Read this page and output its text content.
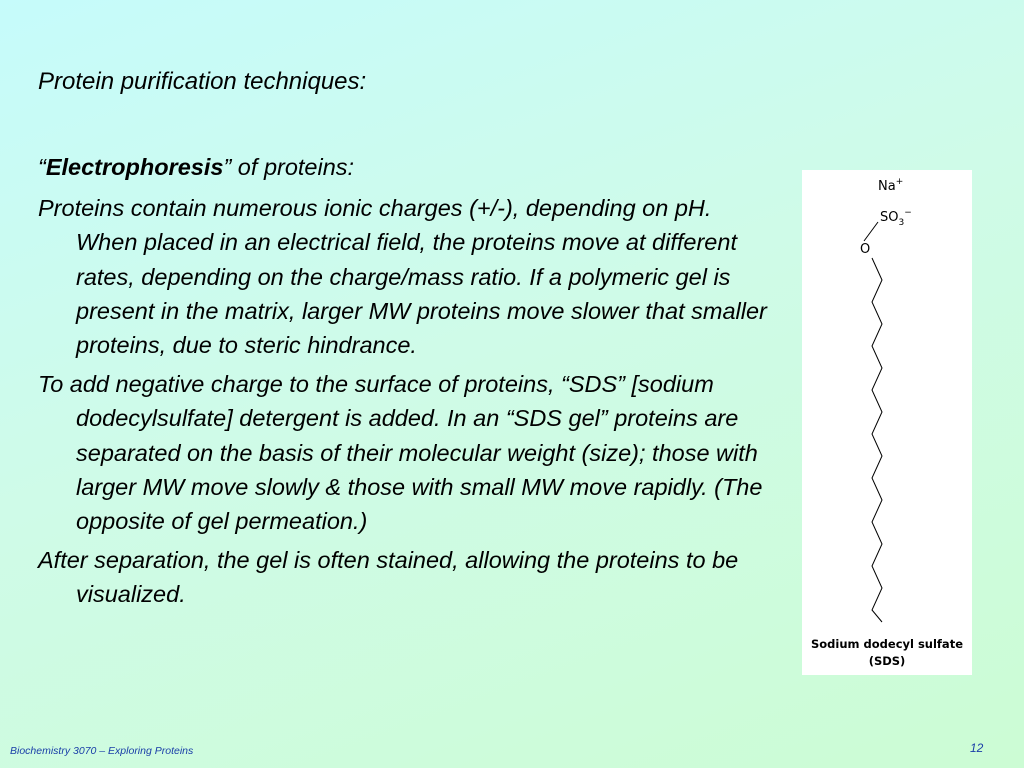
Protein purification techniques:

“Electrophoresis” of proteins:

Proteins contain numerous ionic charges (+/-), depending on pH. When placed in an electrical field, the proteins move at different rates, depending on the charge/mass ratio. If a polymeric gel is present in the matrix, larger MW proteins move slower that smaller proteins, due to steric hindrance.

To add negative charge to the surface of proteins, “SDS” [sodium dodecylsulfate] detergent is added. In an “SDS gel” proteins are separated on the basis of their molecular weight (size); those with larger MW move slowly & those with small MW move rapidly. (The opposite of gel permeation.)

After separation, the gel is often stained, allowing the proteins to be visualized.

Na+
$SO_3^-$
O
Sodium dodecyl sulfate
(SDS)
Biochemistry 3070 – Exploring Proteins	12
